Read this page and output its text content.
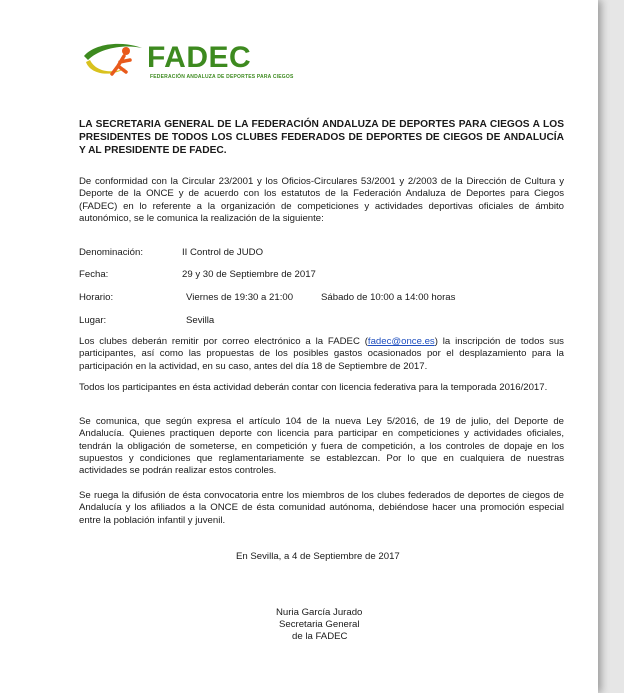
FADEC
FEDERACIÓN ANDALUZA DE DEPORTES PARA CIEGOS
LA SECRETARIA GENERAL DE LA FEDERACIÓN ANDALUZA DE DEPORTES PARA CIEGOS A LOS PRESIDENTES DE TODOS LOS CLUBES FEDERADOS DE DEPORTES DE CIEGOS DE ANDALUCÍA Y AL PRESIDENTE DE FADEC.
De conformidad con la Circular 23/2001 y los Oficios-Circulares 53/2001 y 2/2003 de la Dirección de Cultura y Deporte de la ONCE y de acuerdo con los estatutos de la Federación Andaluza de Deportes para Ciegos (FADEC) en lo referente a la organización de competiciones y actividades deportivas oficiales de ámbito autonómico, se le comunica la realización de la siguiente:
Denominación:	II Control de JUDO
Fecha:	29 y 30 de Septiembre de 2017
Horario:	Viernes de 19:30 a 21:00	Sábado de 10:00 a 14:00 horas
Lugar:	Sevilla
Los clubes deberán remitir por correo electrónico a la FADEC (fadec@once.es) la inscripción de todos sus participantes, así como las propuestas de los posibles gastos ocasionados por el desplazamiento para la participación en la actividad, en su caso, antes del día 18 de Septiembre de 2017.
Todos los participantes en ésta actividad deberán contar con licencia federativa para la temporada 2016/2017.
Se comunica, que según expresa el artículo 104 de la nueva Ley 5/2016, de 19 de julio, del Deporte de Andalucía. Quienes practiquen deporte con licencia para participar en competiciones y actividades oficiales, tendrán la obligación de someterse, en competición y fuera de competición, a los controles de dopaje en los supuestos y condiciones que reglamentariamente se establezcan. Por lo que en cualquiera de nuestras actividades se podrán realizar estos controles.
Se ruega la difusión de ésta convocatoria entre los miembros de los clubes federados de deportes de ciegos de Andalucía y los afiliados a la ONCE de ésta comunidad autónoma, debiéndose hacer una promoción especial entre la población infantil y juvenil.
En Sevilla, a 4 de Septiembre de 2017
Nuria García Jurado
Secretaria General
de la FADEC
